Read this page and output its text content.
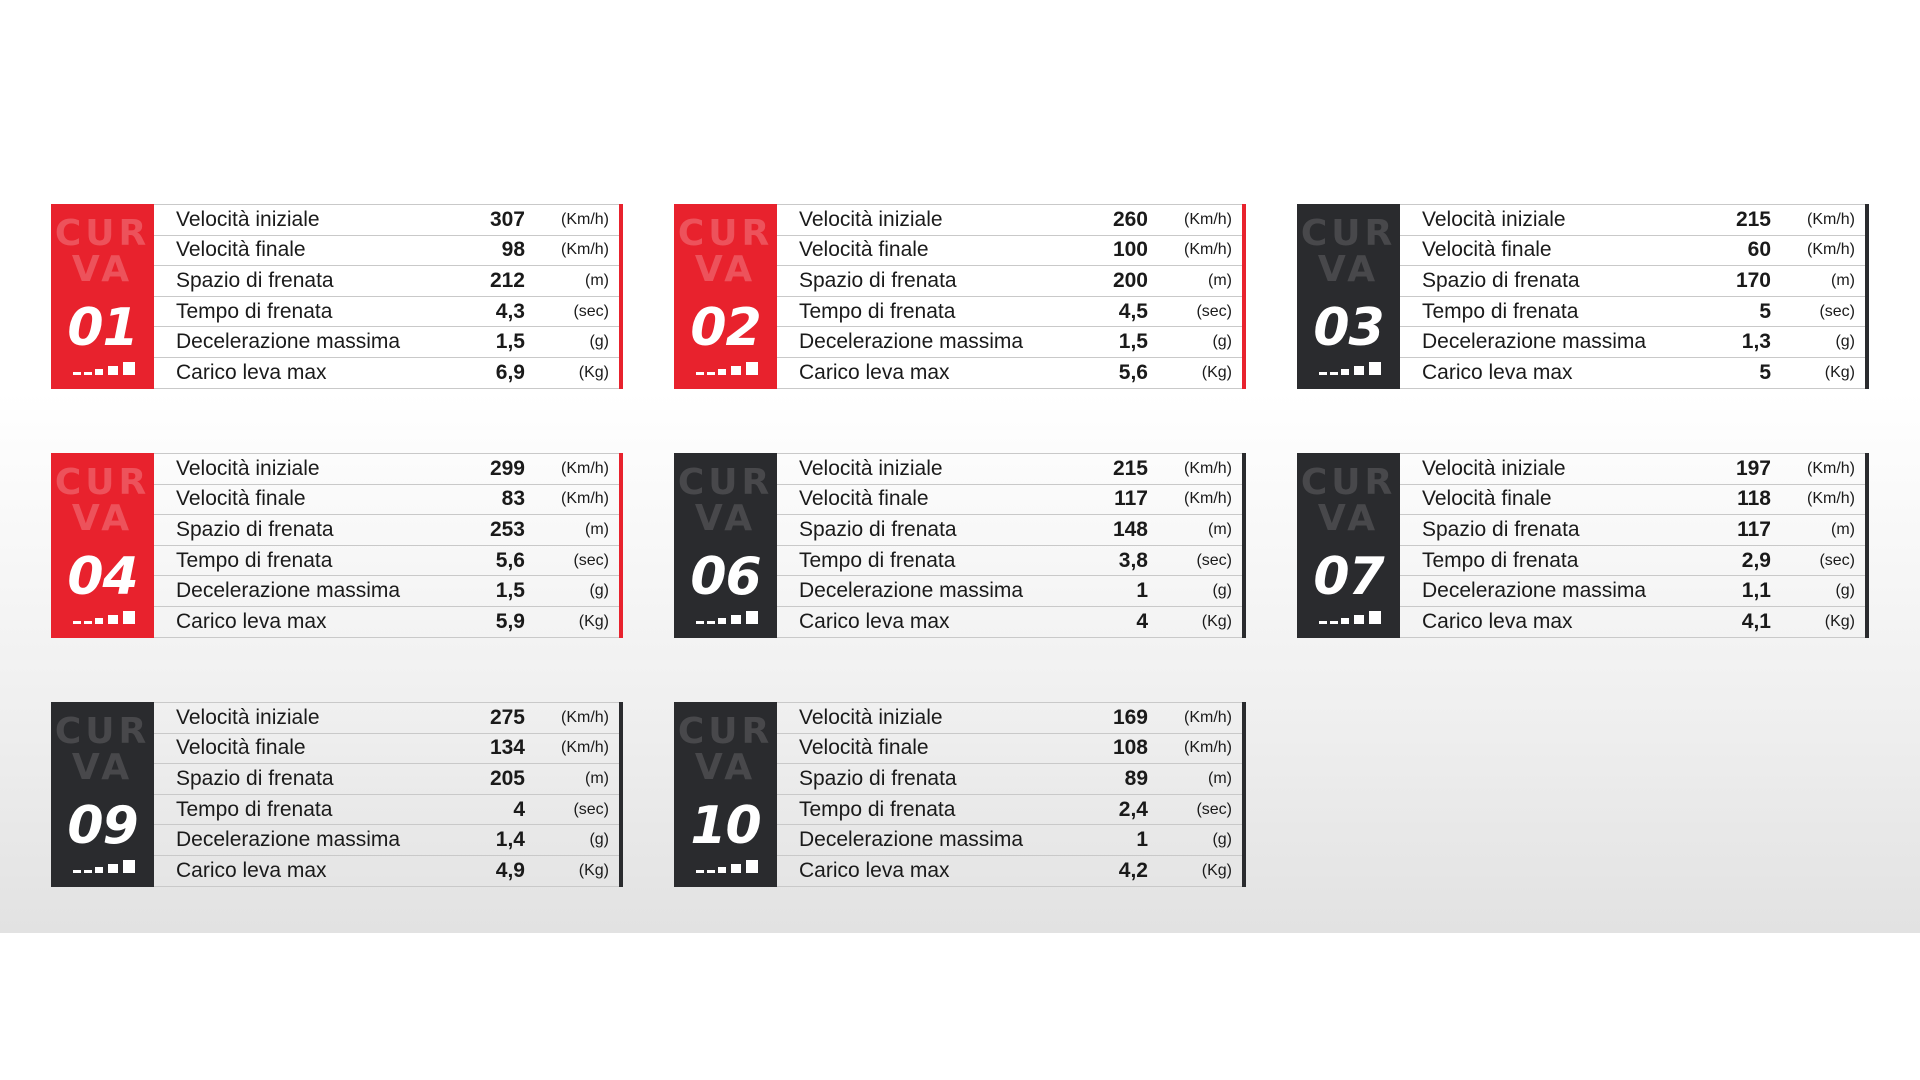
CUR
VA
01
Velocità iniziale	307	(Km/h)
Velocità finale	98	(Km/h)
Spazio di frenata	212	(m)
Tempo di frenata	4,3	(sec)
Decelerazione massima	1,5	(g)
Carico leva max	6,9	(Kg)
CUR
VA
02
Velocità iniziale	260	(Km/h)
Velocità finale	100	(Km/h)
Spazio di frenata	200	(m)
Tempo di frenata	4,5	(sec)
Decelerazione massima	1,5	(g)
Carico leva max	5,6	(Kg)
CUR
VA
03
Velocità iniziale	215	(Km/h)
Velocità finale	60	(Km/h)
Spazio di frenata	170	(m)
Tempo di frenata	5	(sec)
Decelerazione massima	1,3	(g)
Carico leva max	5	(Kg)
CUR
VA
04
Velocità iniziale	299	(Km/h)
Velocità finale	83	(Km/h)
Spazio di frenata	253	(m)
Tempo di frenata	5,6	(sec)
Decelerazione massima	1,5	(g)
Carico leva max	5,9	(Kg)
CUR
VA
06
Velocità iniziale	215	(Km/h)
Velocità finale	117	(Km/h)
Spazio di frenata	148	(m)
Tempo di frenata	3,8	(sec)
Decelerazione massima	1	(g)
Carico leva max	4	(Kg)
CUR
VA
07
Velocità iniziale	197	(Km/h)
Velocità finale	118	(Km/h)
Spazio di frenata	117	(m)
Tempo di frenata	2,9	(sec)
Decelerazione massima	1,1	(g)
Carico leva max	4,1	(Kg)
CUR
VA
09
Velocità iniziale	275	(Km/h)
Velocità finale	134	(Km/h)
Spazio di frenata	205	(m)
Tempo di frenata	4	(sec)
Decelerazione massima	1,4	(g)
Carico leva max	4,9	(Kg)
CUR
VA
10
Velocità iniziale	169	(Km/h)
Velocità finale	108	(Km/h)
Spazio di frenata	89	(m)
Tempo di frenata	2,4	(sec)
Decelerazione massima	1	(g)
Carico leva max	4,2	(Kg)
